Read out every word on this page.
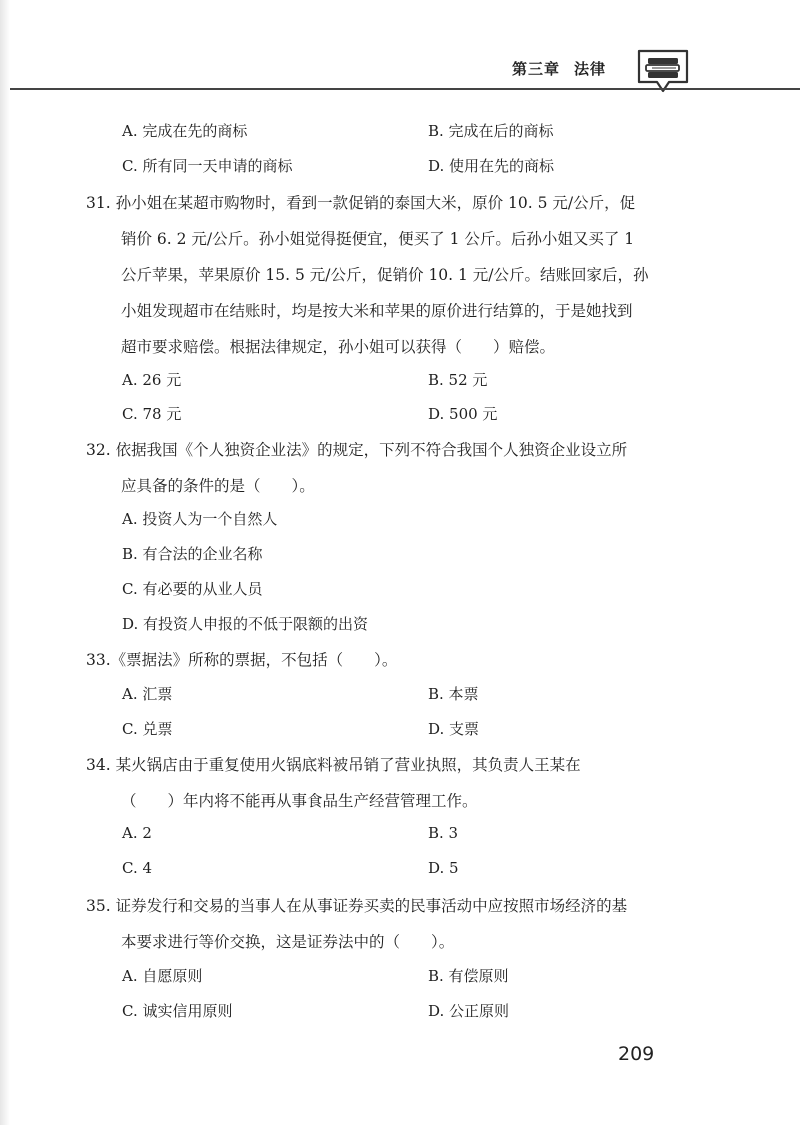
第三章 法律
A. 完成在先的商标	B. 完成在后的商标
C. 所有同一天申请的商标	D. 使用在先的商标
31. 孙小姐在某超市购物时，看到一款促销的泰国大米，原价 10. 5 元/公斤，促
销价 6. 2 元/公斤。孙小姐觉得挺便宜，便买了 1 公斤。后孙小姐又买了 1
公斤苹果，苹果原价 15. 5 元/公斤，促销价 10. 1 元/公斤。结账回家后，孙
小姐发现超市在结账时，均是按大米和苹果的原价进行结算的，于是她找到
超市要求赔偿。根据法律规定，孙小姐可以获得（　　）赔偿。
A. 26 元	B. 52 元
C. 78 元	D. 500 元
32. 依据我国《个人独资企业法》的规定，下列不符合我国个人独资企业设立所
应具备的条件的是（　　）。
A. 投资人为一个自然人
B. 有合法的企业名称
C. 有必要的从业人员
D. 有投资人申报的不低于限额的出资
33.《票据法》所称的票据，不包括（　　）。
A. 汇票	B. 本票
C. 兑票	D. 支票
34. 某火锅店由于重复使用火锅底料被吊销了营业执照，其负责人王某在
（　　）年内将不能再从事食品生产经营管理工作。
A. 2	B. 3
C. 4	D. 5
35. 证券发行和交易的当事人在从事证券买卖的民事活动中应按照市场经济的基
本要求进行等价交换，这是证券法中的（　　）。
A. 自愿原则	B. 有偿原则
C. 诚实信用原则	D. 公正原则
209
